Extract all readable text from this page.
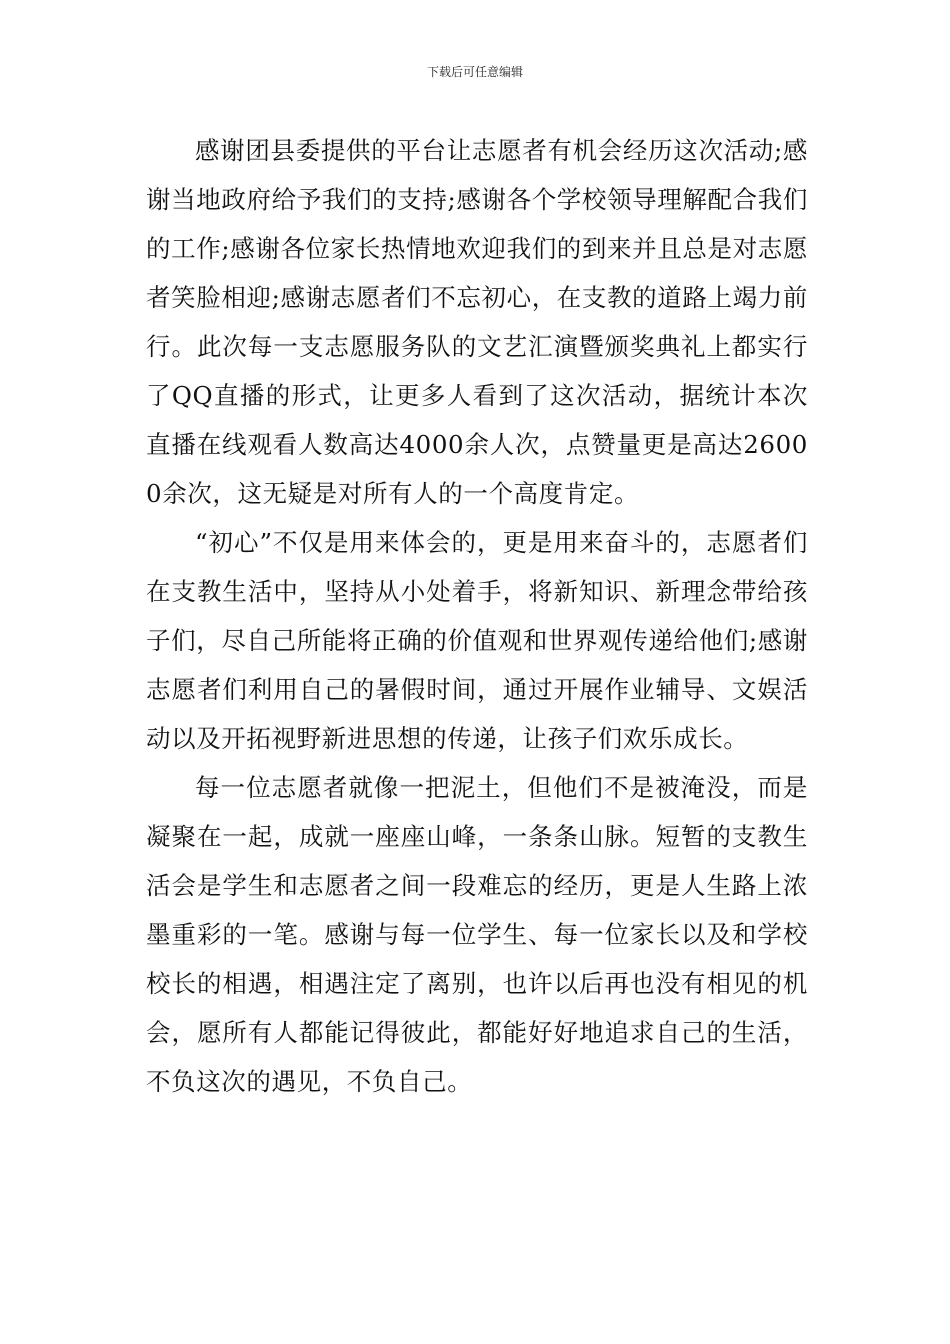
下载后可任意编辑

感谢团县委提供的平台让志愿者有机会经历这次活动;感谢当地政府给予我们的支持;感谢各个学校领导理解配合我们的工作;感谢各位家长热情地欢迎我们的到来并且总是对志愿者笑脸相迎;感谢志愿者们不忘初心，在支教的道路上竭力前行。此次每一支志愿服务队的文艺汇演暨颁奖典礼上都实行了QQ直播的形式，让更多人看到了这次活动，据统计本次直播在线观看人数高达4000余人次，点赞量更是高达26000余次，这无疑是对所有人的一个高度肯定。

“初心”不仅是用来体会的，更是用来奋斗的，志愿者们在支教生活中，坚持从小处着手，将新知识、新理念带给孩子们，尽自己所能将正确的价值观和世界观传递给他们;感谢志愿者们利用自己的暑假时间，通过开展作业辅导、文娱活动以及开拓视野新进思想的传递，让孩子们欢乐成长。

每一位志愿者就像一把泥土，但他们不是被淹没，而是凝聚在一起，成就一座座山峰，一条条山脉。短暂的支教生活会是学生和志愿者之间一段难忘的经历，更是人生路上浓墨重彩的一笔。感谢与每一位学生、每一位家长以及和学校校长的相遇，相遇注定了离别，也许以后再也没有相见的机会，愿所有人都能记得彼此，都能好好地追求自己的生活，不负这次的遇见，不负自己。
